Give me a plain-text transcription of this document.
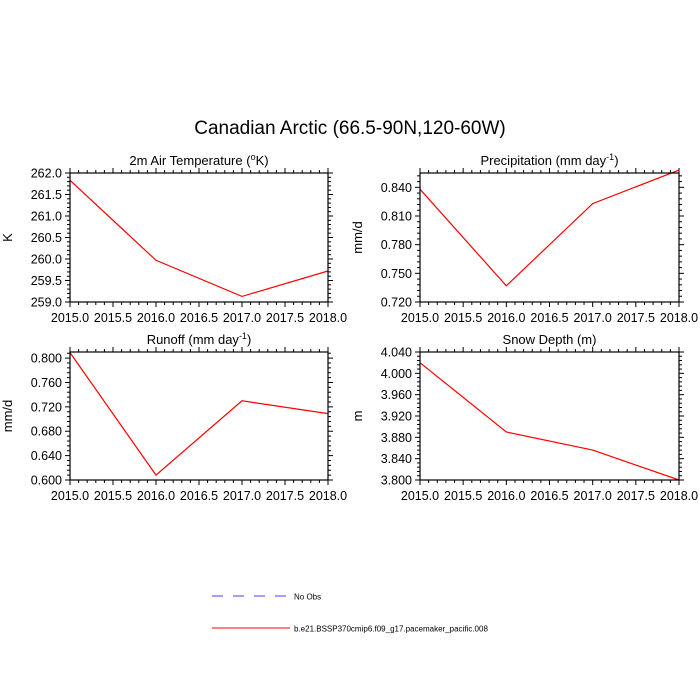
Canadian Arctic (66.5-90N,120-60W)
2m Air Temperature ($^o$K)
K
259.0
259.5
260.0
260.5
261.0
261.5
262.0
2015.0 2015.5 2016.0 2016.5 2017.0 2017.5 2018.0
Precipitation (mm day$^{-1}$)
mm/d
0.720
0.750
0.780
0.810
0.840
2015.0 2015.5 2016.0 2016.5 2017.0 2017.5 2018.0
Runoff (mm day$^{-1}$)
mm/d
0.600
0.640
0.680
0.720
0.760
0.800
2015.0 2015.5 2016.0 2016.5 2017.0 2017.5 2018.0
Snow Depth (m)
m
3.800
3.840
3.880
3.920
3.960
4.000
4.040
2015.0 2015.5 2016.0 2016.5 2017.0 2017.5 2018.0
No Obs
b.e21.BSSP370cmip6.f09_g17.pacemaker_pacific.008
